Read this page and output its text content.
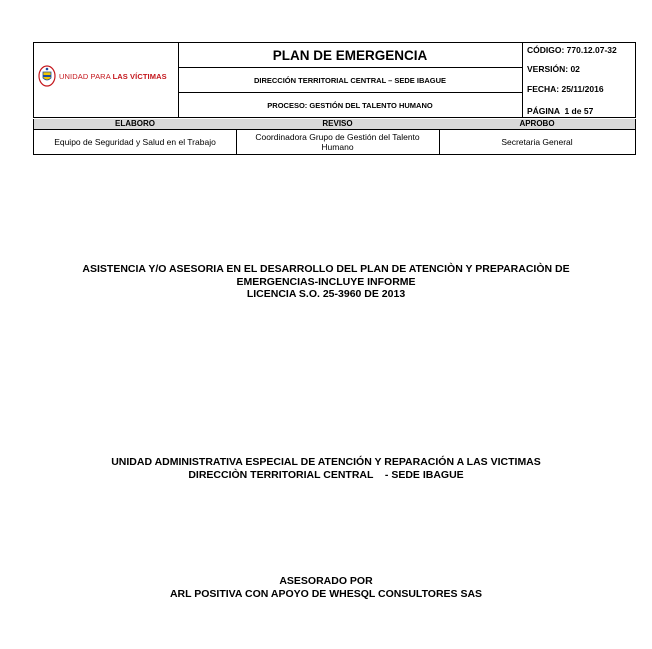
UNIDAD PARA LAS VÍCTIMAS
PLAN DE EMERGENCIA
DIRECCIÓN TERRITORIAL CENTRAL – SEDE IBAGUE
PROCESO: GESTIÓN DEL TALENTO HUMANO
CÓDIGO: 770.12.07-32
VERSIÓN: 02
FECHA: 25/11/2016
PÁGINA  1 de 57
ELABORO
Equipo de Seguridad y Salud en el Trabajo
REVISO
Coordinadora Grupo de Gestión del Talento Humano
APROBO
Secretaria General

ASISTENCIA Y/O ASESORIA EN EL DESARROLLO DEL PLAN DE ATENCIÒN Y PREPARACIÒN DE

EMERGENCIAS-INCLUYE INFORME

LICENCIA S.O. 25-3960 DE 2013

UNIDAD ADMINISTRATIVA ESPECIAL DE ATENCIÓN Y REPARACIÓN A LAS VICTIMAS

DIRECCIÒN TERRITORIAL CENTRAL    - SEDE IBAGUE

ASESORADO POR

ARL POSITIVA CON APOYO DE WHESQL CONSULTORES SAS
